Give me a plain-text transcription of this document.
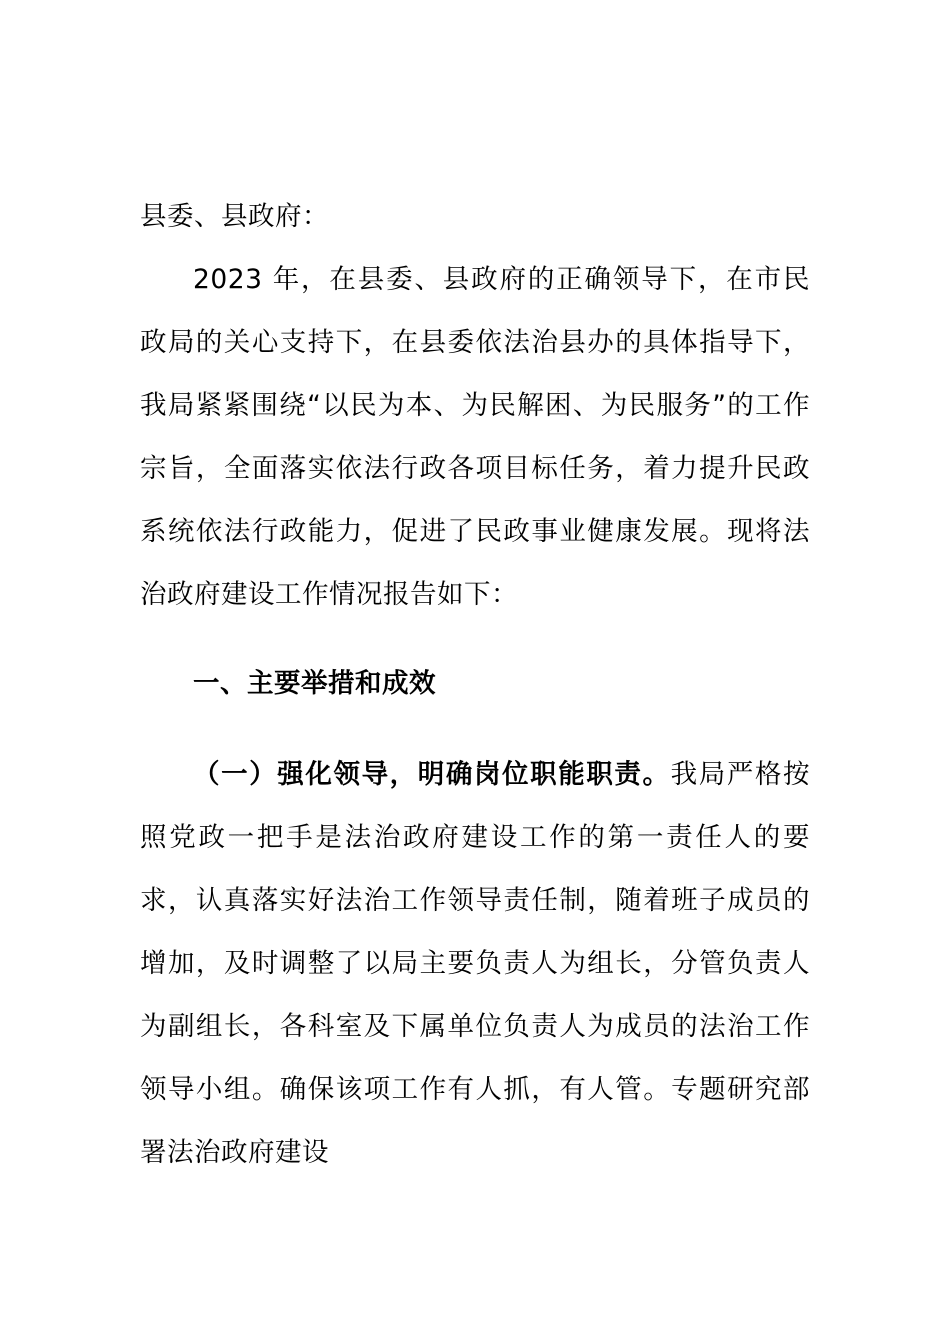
县委、县政府：

2023 年，在县委、县政府的正确领导下，在市民政局的关心支持下，在县委依法治县办的具体指导下，我局紧紧围绕“以民为本、为民解困、为民服务”的工作宗旨，全面落实依法行政各项目标任务，着力提升民政系统依法行政能力，促进了民政事业健康发展。现将法治政府建设工作情况报告如下：

一、主要举措和成效

（一）强化领导，明确岗位职能职责。我局严格按照党政一把手是法治政府建设工作的第一责任人的要求，认真落实好法治工作领导责任制，随着班子成员的增加，及时调整了以局主要负责人为组长，分管负责人为副组长，各科室及下属单位负责人为成员的法治工作领导小组。确保该项工作有人抓，有人管。专题研究部署法治政府建设
